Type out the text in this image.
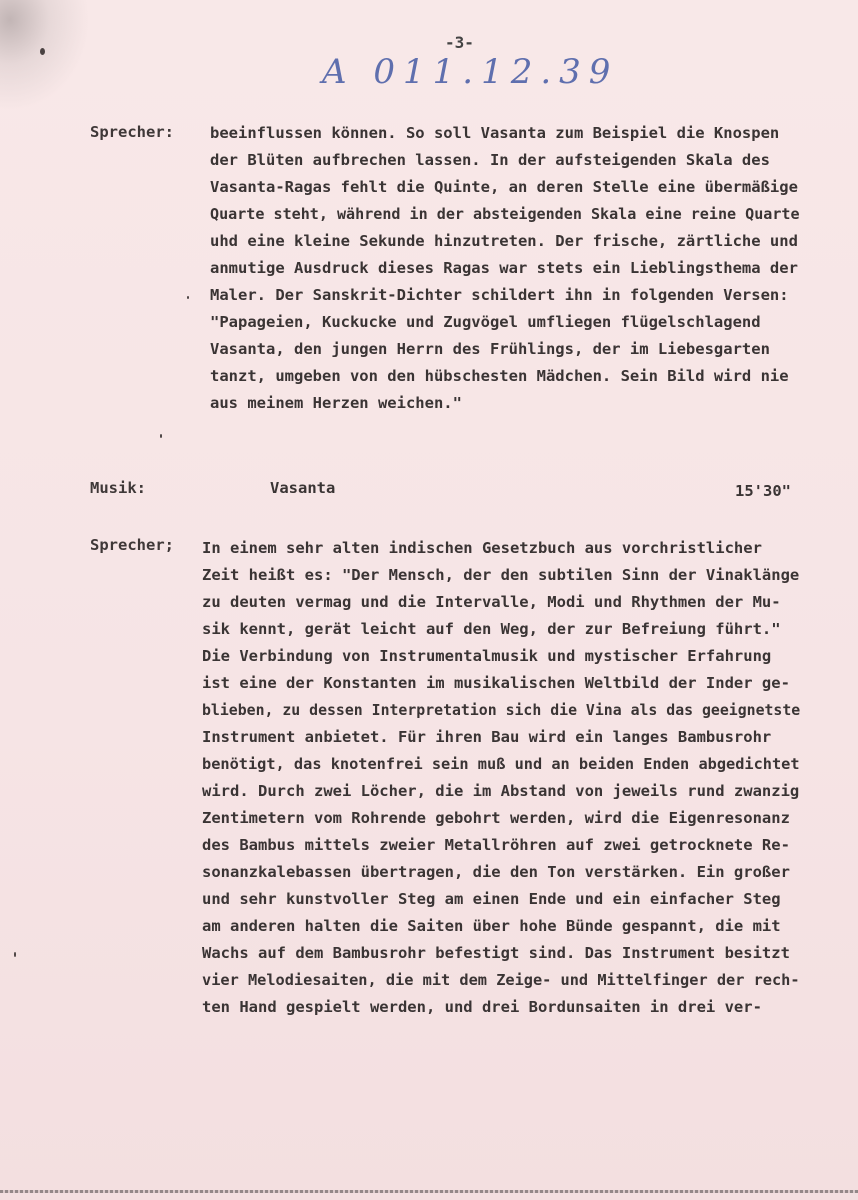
-3-
A 011.12.39
Sprecher: beeinflussen können. So soll Vasanta zum Beispiel die Knospen
der Blüten aufbrechen lassen. In der aufsteigenden Skala des
Vasanta-Ragas fehlt die Quinte, an deren Stelle eine übermäßige
Quarte steht, während in der absteigenden Skala eine reine Quarte
uhd eine kleine Sekunde hinzutreten. Der frische, zärtliche und
anmutige Ausdruck dieses Ragas war stets ein Lieblingsthema der
Maler. Der Sanskrit-Dichter schildert ihn in folgenden Versen:
"Papageien, Kuckucke und Zugvögel umfliegen flügelschlagend
Vasanta, den jungen Herrn des Frühlings, der im Liebesgarten
tanzt, umgeben von den hübschesten Mädchen. Sein Bild wird nie
aus meinem Herzen weichen."
Musik:	Vasanta	15'30"
Sprecher; In einem sehr alten indischen Gesetzbuch aus vorchristlicher
Zeit heißt es: "Der Mensch, der den subtilen Sinn der Vinaklänge
zu deuten vermag und die Intervalle, Modi und Rhythmen der Mu-
sik kennt, gerät leicht auf den Weg, der zur Befreiung führt."
Die Verbindung von Instrumentalmusik und mystischer Erfahrung
ist eine der Konstanten im musikalischen Weltbild der Inder ge-
blieben, zu dessen Interpretation sich die Vina als das geeignetste
Instrument anbietet. Für ihren Bau wird ein langes Bambusrohr
benötigt, das knotenfrei sein muß und an beiden Enden abgedichtet
wird. Durch zwei Löcher, die im Abstand von jeweils rund zwanzig
Zentimetern vom Rohrende gebohrt werden, wird die Eigenresonanz
des Bambus mittels zweier Metallröhren auf zwei getrocknete Re-
sonanzkalebassen übertragen, die den Ton verstärken. Ein großer
und sehr kunstvoller Steg am einen Ende und ein einfacher Steg
am anderen halten die Saiten über hohe Bünde gespannt, die mit
Wachs auf dem Bambusrohr befestigt sind. Das Instrument besitzt
vier Melodiesaiten, die mit dem Zeige- und Mittelfinger der rech-
ten Hand gespielt werden, und drei Bordunsaiten in drei ver-
